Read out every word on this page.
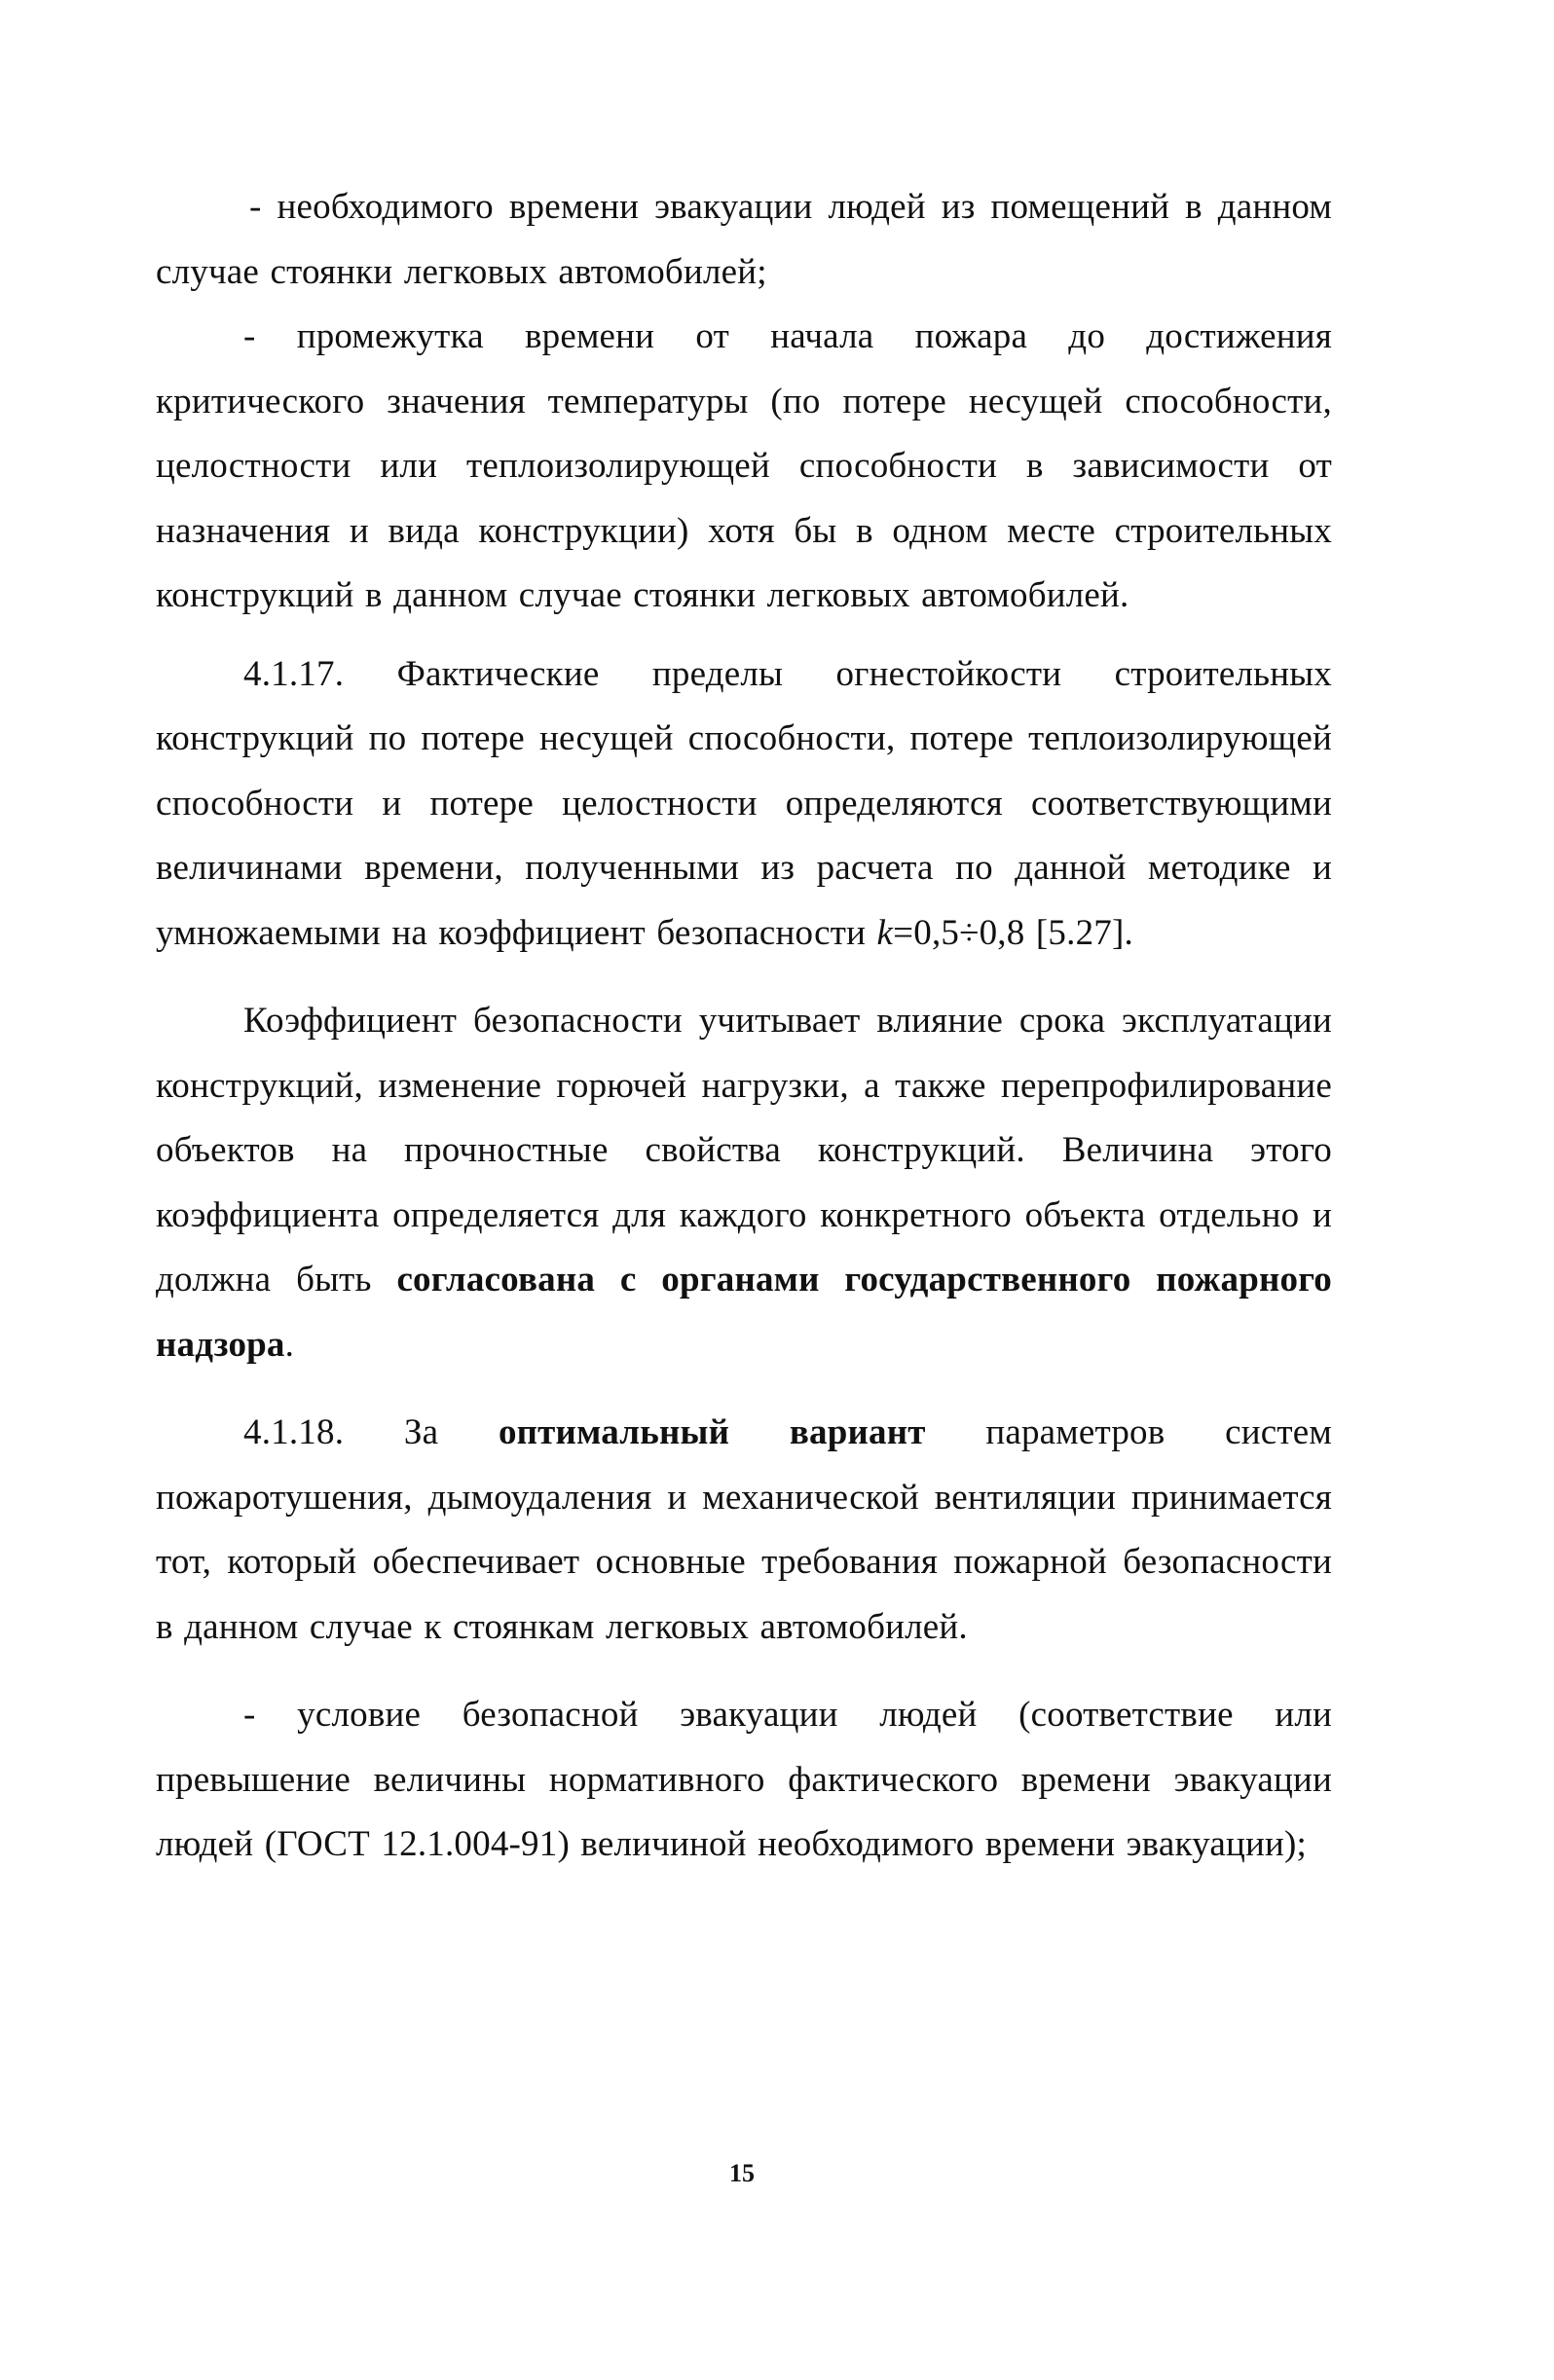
- необходимого времени эвакуации людей из помещений в данном случае стоянки легковых автомобилей;

- промежутка времени от начала пожара до достижения критического значения температуры (по потере несущей способности, целостности или теплоизолирующей способности в зависимости от назначения и вида конструкции) хотя бы в одном месте строительных конструкций в данном случае стоянки легковых автомобилей.

4.1.17. Фактические пределы огнестойкости строительных конструкций по потере несущей способности, потере теплоизолирующей способности и потере целостности определяются соответствующими величинами времени, полученными из расчета по данной методике и умножаемыми на коэффициент безопасности k=0,5÷0,8 [5.27].

Коэффициент безопасности учитывает влияние срока эксплуатации конструкций, изменение горючей нагрузки, а также перепрофилирование объектов на прочностные свойства конструкций. Величина этого коэффициента определяется для каждого конкретного объекта отдельно и должна быть согласована с органами государственного пожарного надзора.

4.1.18. За оптимальный вариант параметров систем пожаротушения, дымоудаления и механической вентиляции принимается тот, который обеспечивает основные требования пожарной безопасности в данном случае к стоянкам легковых автомобилей.

- условие безопасной эвакуации людей (соответствие или превышение величины нормативного фактического времени эвакуации людей (ГОСТ 12.1.004-91) величиной необходимого времени эвакуации);

15
